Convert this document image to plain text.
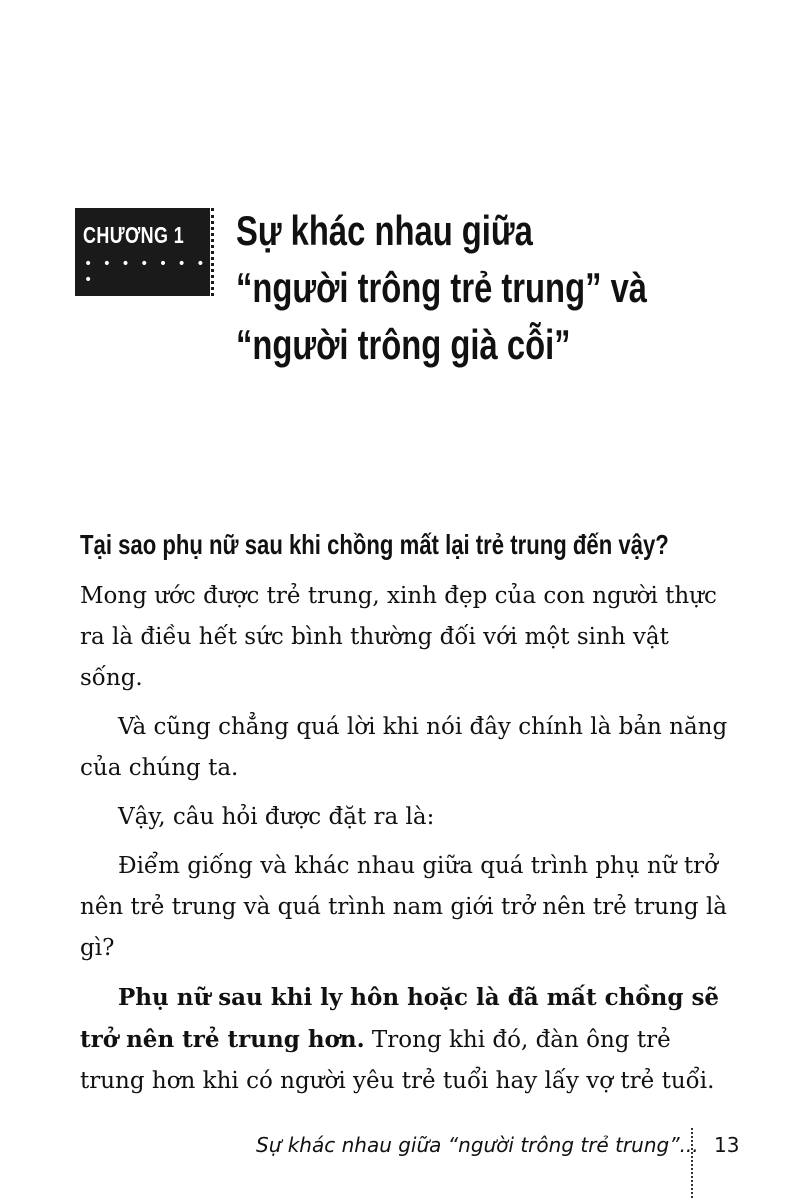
CHƯƠNG 1
• • • • • • • •
Sự khác nhau giữa
“người trông trẻ trung” và
“người trông già cỗi”
Tại sao phụ nữ sau khi chồng mất lại trẻ trung đến vậy?

Mong ước được trẻ trung, xinh đẹp của con người thực ra là điều hết sức bình thường đối với một sinh vật sống.

Và cũng chẳng quá lời khi nói đây chính là bản năng của chúng ta.

Vậy, câu hỏi được đặt ra là:

Điểm giống và khác nhau giữa quá trình phụ nữ trở nên trẻ trung và quá trình nam giới trở nên trẻ trung là gì?

Phụ nữ sau khi ly hôn hoặc là đã mất chồng sẽ trở nên trẻ trung hơn. Trong khi đó, đàn ông trẻ trung hơn khi có người yêu trẻ tuổi hay lấy vợ trẻ tuổi.

Sự khác nhau giữa “người trông trẻ trung”... 13
